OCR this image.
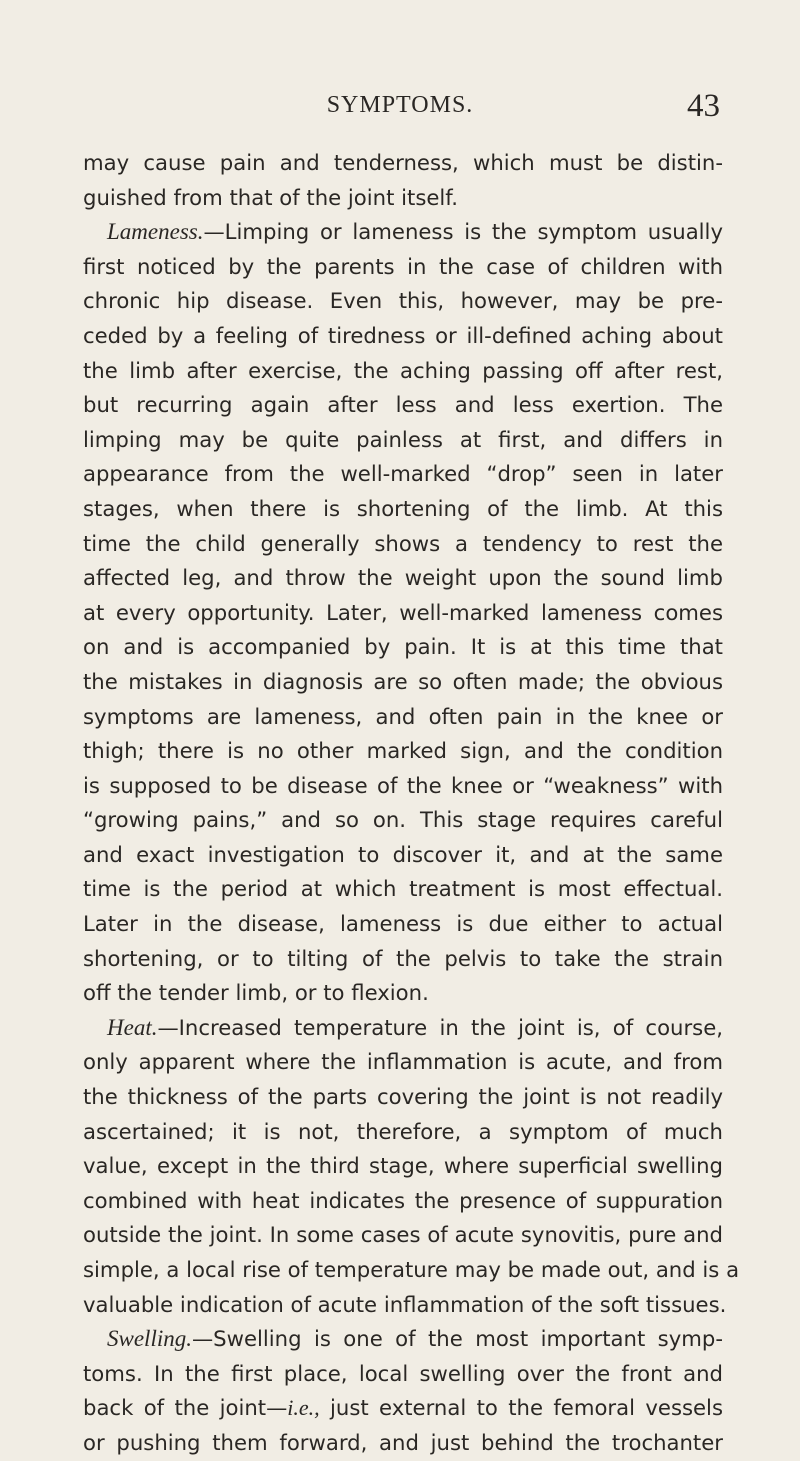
SYMPTOMS.	43
may cause pain and tenderness, which must be distin-
guished from that of the joint itself.
Lameness.—Limping or lameness is the symptom usually
first noticed by the parents in the case of children with
chronic hip disease. Even this, however, may be pre-
ceded by a feeling of tiredness or ill-defined aching about
the limb after exercise, the aching passing off after rest,
but recurring again after less and less exertion. The
limping may be quite painless at first, and differs in
appearance from the well-marked “drop” seen in later
stages, when there is shortening of the limb. At this
time the child generally shows a tendency to rest the
affected leg, and throw the weight upon the sound limb
at every opportunity. Later, well-marked lameness comes
on and is accompanied by pain. It is at this time that
the mistakes in diagnosis are so often made; the obvious
symptoms are lameness, and often pain in the knee or
thigh; there is no other marked sign, and the condition
is supposed to be disease of the knee or “weakness” with
“growing pains,” and so on. This stage requires careful
and exact investigation to discover it, and at the same
time is the period at which treatment is most effectual.
Later in the disease, lameness is due either to actual
shortening, or to tilting of the pelvis to take the strain
off the tender limb, or to flexion.
Heat.—Increased temperature in the joint is, of course,
only apparent where the inflammation is acute, and from
the thickness of the parts covering the joint is not readily
ascertained; it is not, therefore, a symptom of much
value, except in the third stage, where superficial swelling
combined with heat indicates the presence of suppuration
outside the joint. In some cases of acute synovitis, pure and
simple, a local rise of temperature may be made out, and is a
valuable indication of acute inflammation of the soft tissues.
Swelling.—Swelling is one of the most important symp-
toms. In the first place, local swelling over the front and
back of the joint—i.e., just external to the femoral vessels
or pushing them forward, and just behind the trochanter
